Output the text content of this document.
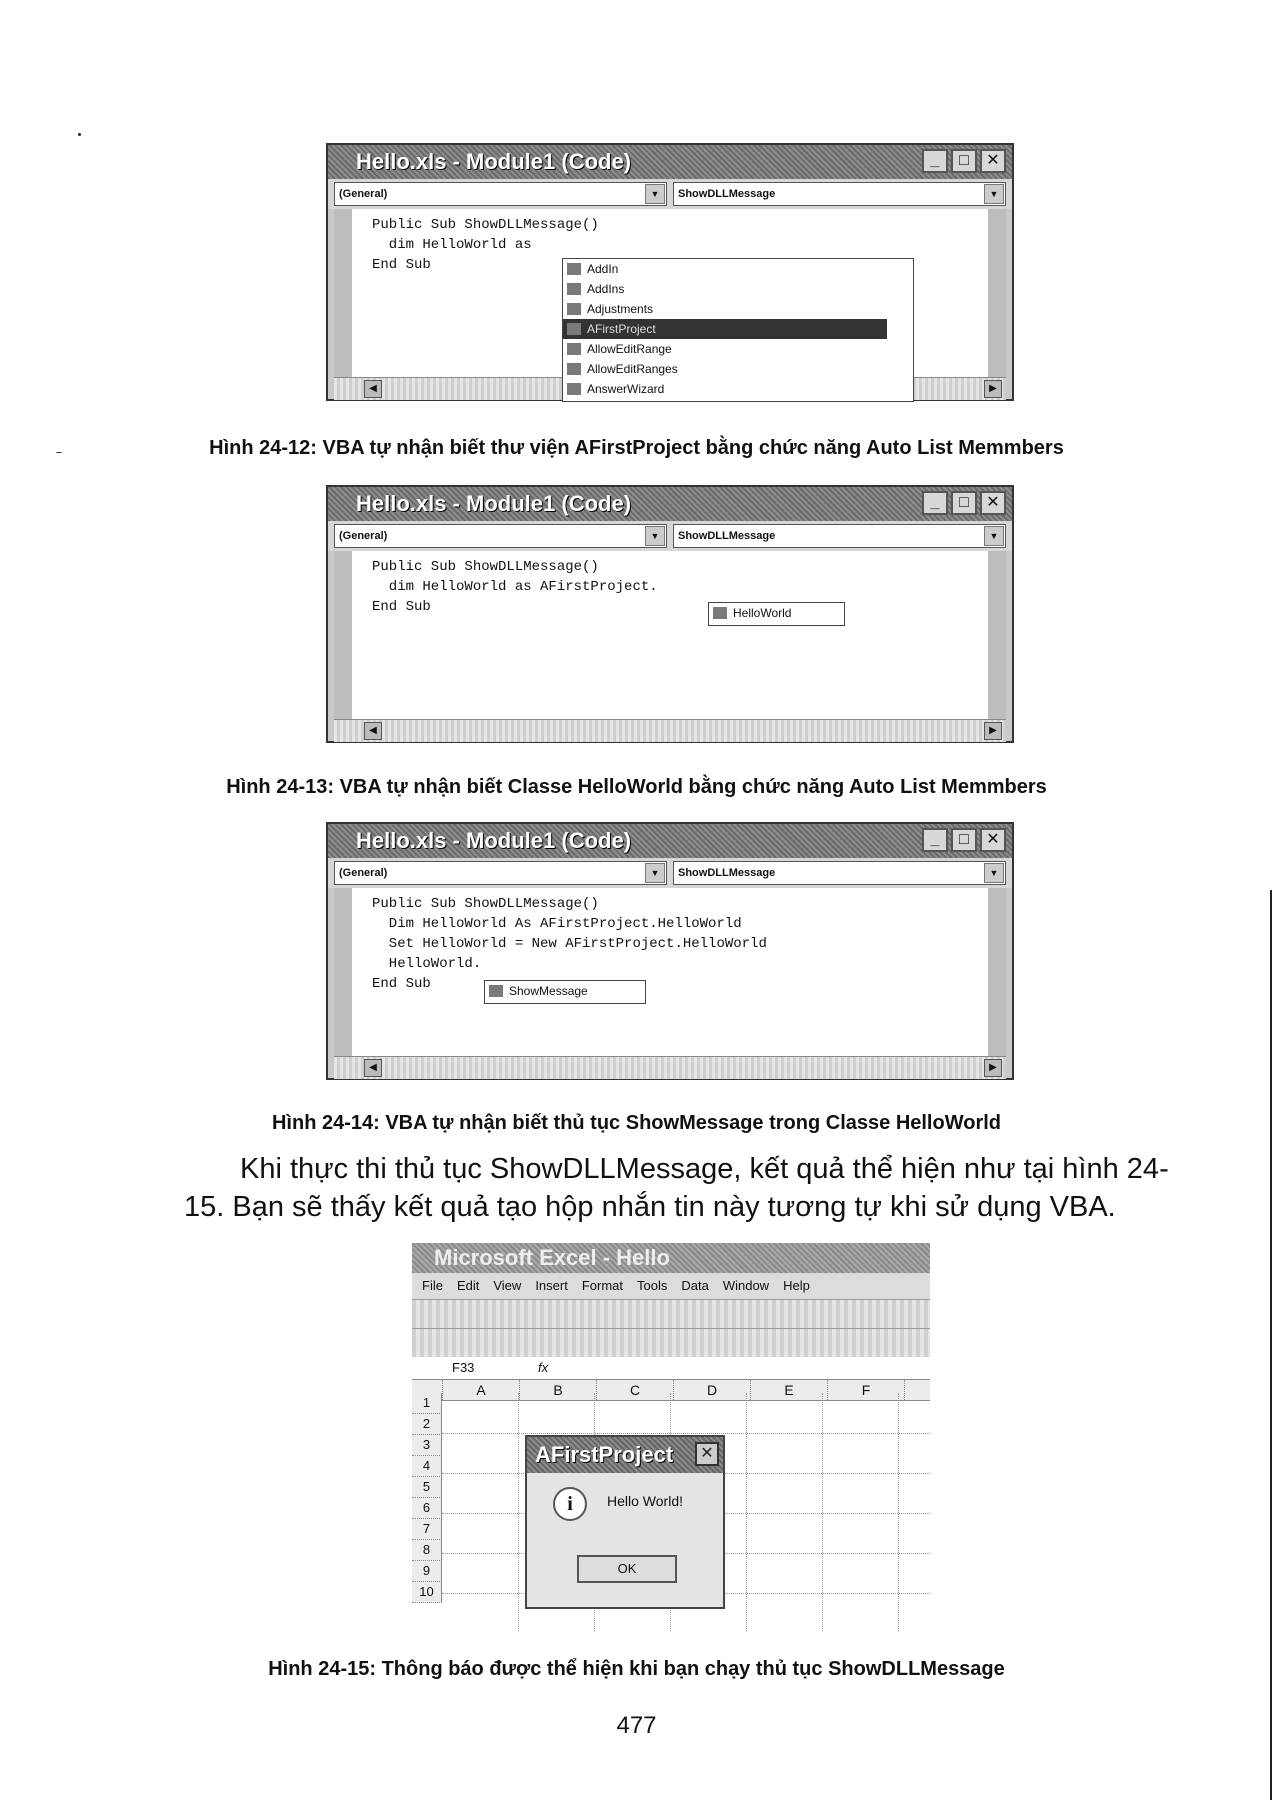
Hello.xls - Module1 (Code)	_	□	✕
(General)	▼	ShowDLLMessage	▼
Public Sub ShowDLLMessage()
dim HelloWorld as
End Sub
◀	▶
AddIn
AddIns
Adjustments
AFirstProject
AllowEditRange
AllowEditRanges
AnswerWizard
Hình 24-12: VBA tự nhận biết thư viện AFirstProject bằng chức năng Auto List Memmbers
Hello.xls - Module1 (Code)	_	□	✕
(General)	▼	ShowDLLMessage	▼
Public Sub ShowDLLMessage()
dim HelloWorld as AFirstProject.
End Sub
◀	▶
HelloWorld
Hình 24-13: VBA tự nhận biết Classe HelloWorld bằng chức năng Auto List Memmbers
Hello.xls - Module1 (Code)	_	□	✕
(General)	▼	ShowDLLMessage	▼
Public Sub ShowDLLMessage()
Dim HelloWorld As AFirstProject.HelloWorld
Set HelloWorld = New AFirstProject.HelloWorld
HelloWorld.
End Sub
◀	▶
ShowMessage
Hình 24-14: VBA tự nhận biết thủ tục ShowMessage trong Classe HelloWorld
Khi thực thi thủ tục ShowDLLMessage, kết quả thể hiện như tại hình 24-
15. Bạn sẽ thấy kết quả tạo hộp nhắn tin này tương tự khi sử dụng VBA.
Microsoft Excel - Hello
File Edit View Insert Format Tools Data Window Help
F33	fx
A	B	C	D	E	F
1
2
3
4
5
6
7
8
9
10
AFirstProject	✕
i	Hello World!
OK
Hình 24-15: Thông báo được thể hiện khi bạn chạy thủ tục ShowDLLMessage
477
